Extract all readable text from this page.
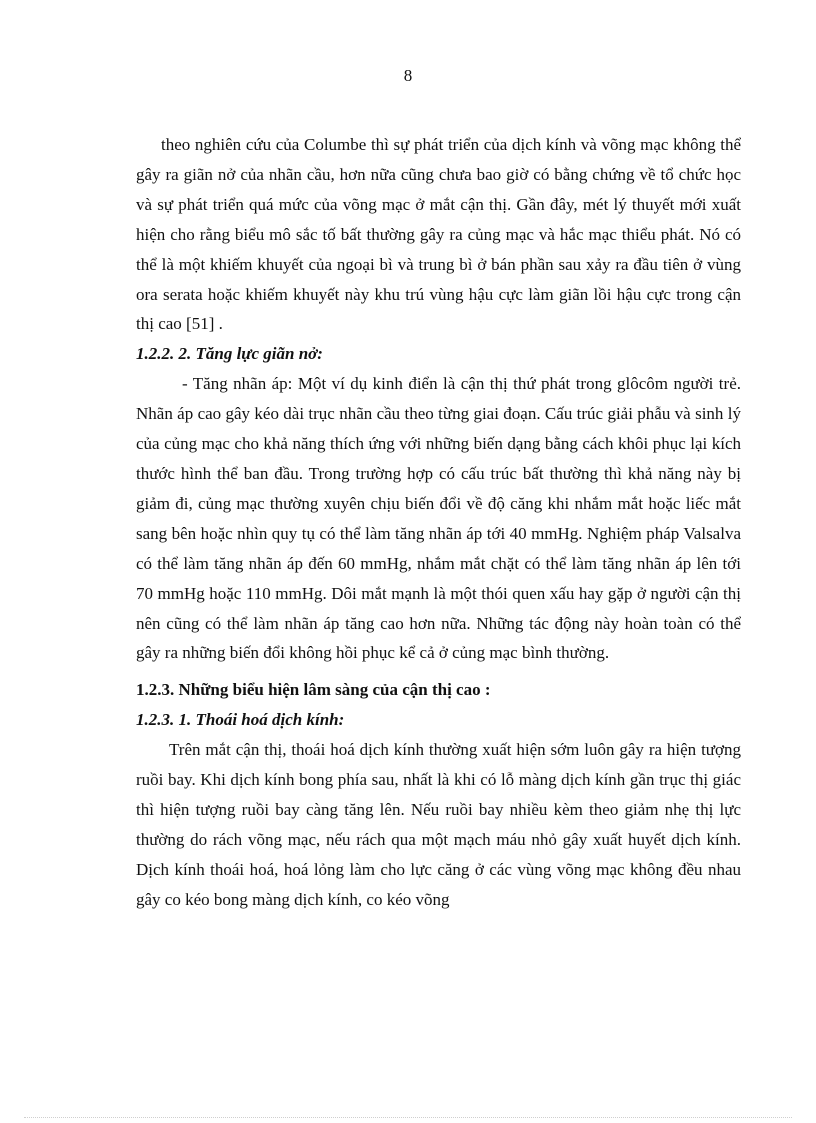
8

theo nghiên cứu của Columbe thì sự phát triển của dịch kính và võng mạc không thể gây ra giãn nở của nhãn cầu, hơn nữa cũng chưa bao giờ có bằng chứng về tổ chức học và sự phát triển quá mức của võng mạc ở mắt cận thị. Gần đây, mét lý thuyết mới xuất hiện cho rằng biểu mô sắc tố bất thường gây ra củng mạc và hắc mạc thiểu phát. Nó có thể là một khiếm khuyết của ngoại bì và trung bì ở bán phần sau xảy ra đầu tiên ở vùng ora serata hoặc khiếm khuyết này khu trú vùng hậu cực làm giãn lồi hậu cực trong cận thị cao [51] .

1.2.2. 2. Tăng lực giãn nở:

- Tăng nhãn áp: Một ví dụ kinh điển là cận thị thứ phát trong glôcôm người trẻ. Nhãn áp cao gây kéo dài trục nhãn cầu theo từng giai đoạn. Cấu trúc giải phẫu và sinh lý của củng mạc cho khả năng thích ứng với những biến dạng bằng cách khôi phục lại kích thước hình thể ban đầu. Trong trường hợp có cấu trúc bất thường thì khả năng này bị giảm đi, củng mạc thường xuyên chịu biến đổi về độ căng khi nhắm mắt hoặc liếc mắt sang bên hoặc nhìn quy tụ có thể làm tăng nhãn áp tới 40 mmHg. Nghiệm pháp Valsalva có thể làm tăng nhãn áp đến 60 mmHg, nhắm mắt chặt có thể làm tăng nhãn áp lên tới 70 mmHg hoặc 110 mmHg. Dôi mắt mạnh là một thói quen xấu hay gặp ở người cận thị nên cũng có thể làm nhãn áp tăng cao hơn nữa. Những tác động này hoàn toàn có thể gây ra những biến đổi không hồi phục kể cả ở củng mạc bình thường.

1.2.3. Những biểu hiện lâm sàng của cận thị cao :

1.2.3. 1. Thoái hoá dịch kính:

Trên mắt cận thị, thoái hoá dịch kính thường xuất hiện sớm luôn gây ra hiện tượng ruồi bay. Khi dịch kính bong phía sau, nhất là khi có lỗ màng dịch kính gần trục thị giác thì hiện tượng ruồi bay càng tăng lên. Nếu ruồi bay nhiều kèm theo giảm nhẹ thị lực thường do rách võng mạc, nếu rách qua một mạch máu nhỏ gây xuất huyết dịch kính. Dịch kính thoái hoá, hoá lỏng làm cho lực căng ở các vùng võng mạc không đều nhau gây co kéo bong màng dịch kính, co kéo võng
